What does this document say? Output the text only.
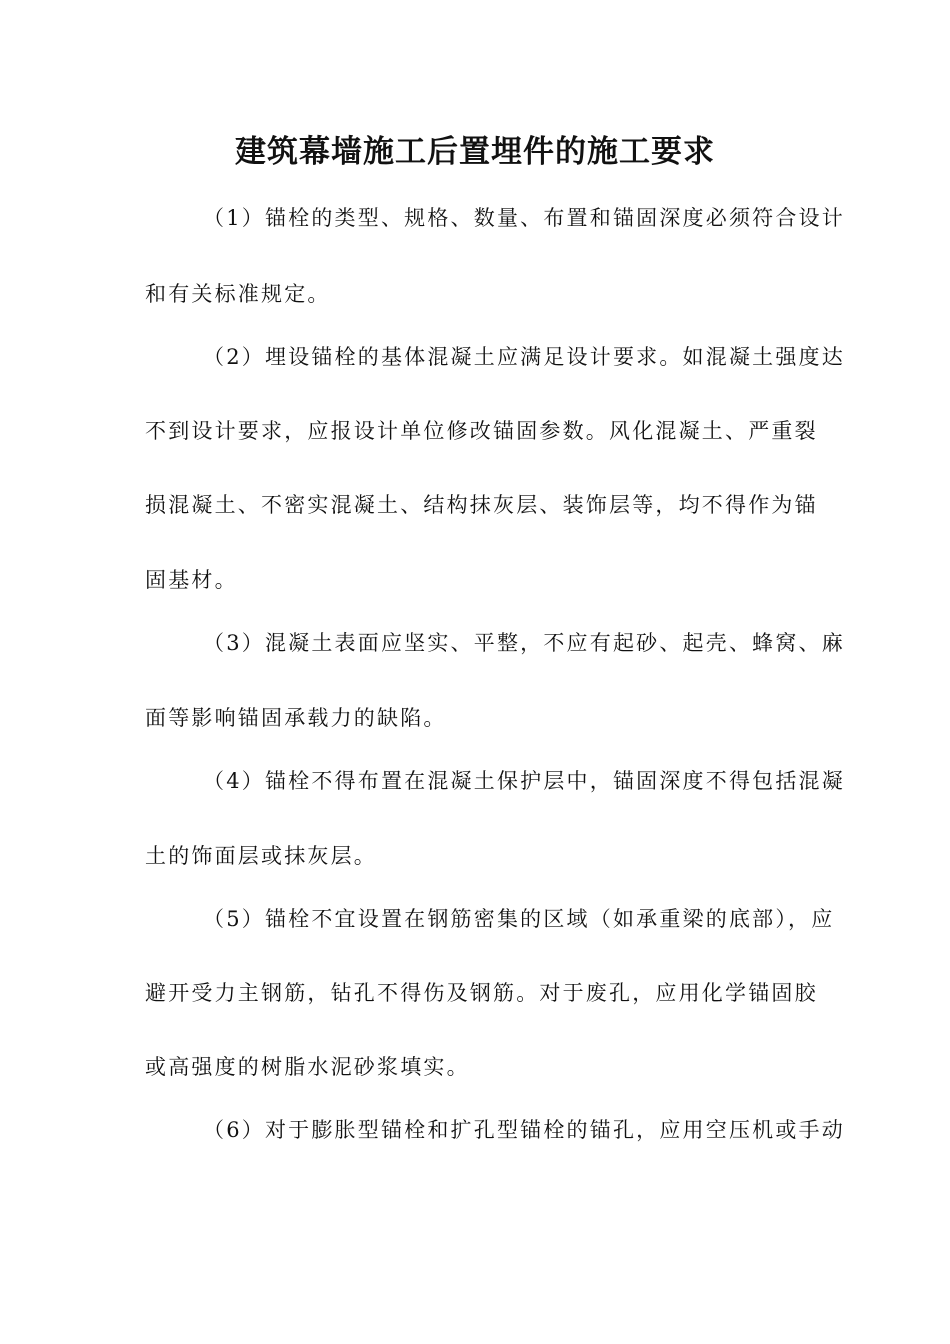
建筑幕墙施工后置埋件的施工要求
（1）锚栓的类型、规格、数量、布置和锚固深度必须符合设计
和有关标准规定。
（2）埋设锚栓的基体混凝土应满足设计要求。如混凝土强度达
不到设计要求，应报设计单位修改锚固参数。风化混凝土、严重裂
损混凝土、不密实混凝土、结构抹灰层、装饰层等，均不得作为锚
固基材。
（3）混凝土表面应坚实、平整，不应有起砂、起壳、蜂窝、麻
面等影响锚固承载力的缺陷。
（4）锚栓不得布置在混凝土保护层中，锚固深度不得包括混凝
土的饰面层或抹灰层。
（5）锚栓不宜设置在钢筋密集的区域（如承重梁的底部），应
避开受力主钢筋，钻孔不得伤及钢筋。对于废孔，应用化学锚固胶
或高强度的树脂水泥砂浆填实。
（6）对于膨胀型锚栓和扩孔型锚栓的锚孔，应用空压机或手动
